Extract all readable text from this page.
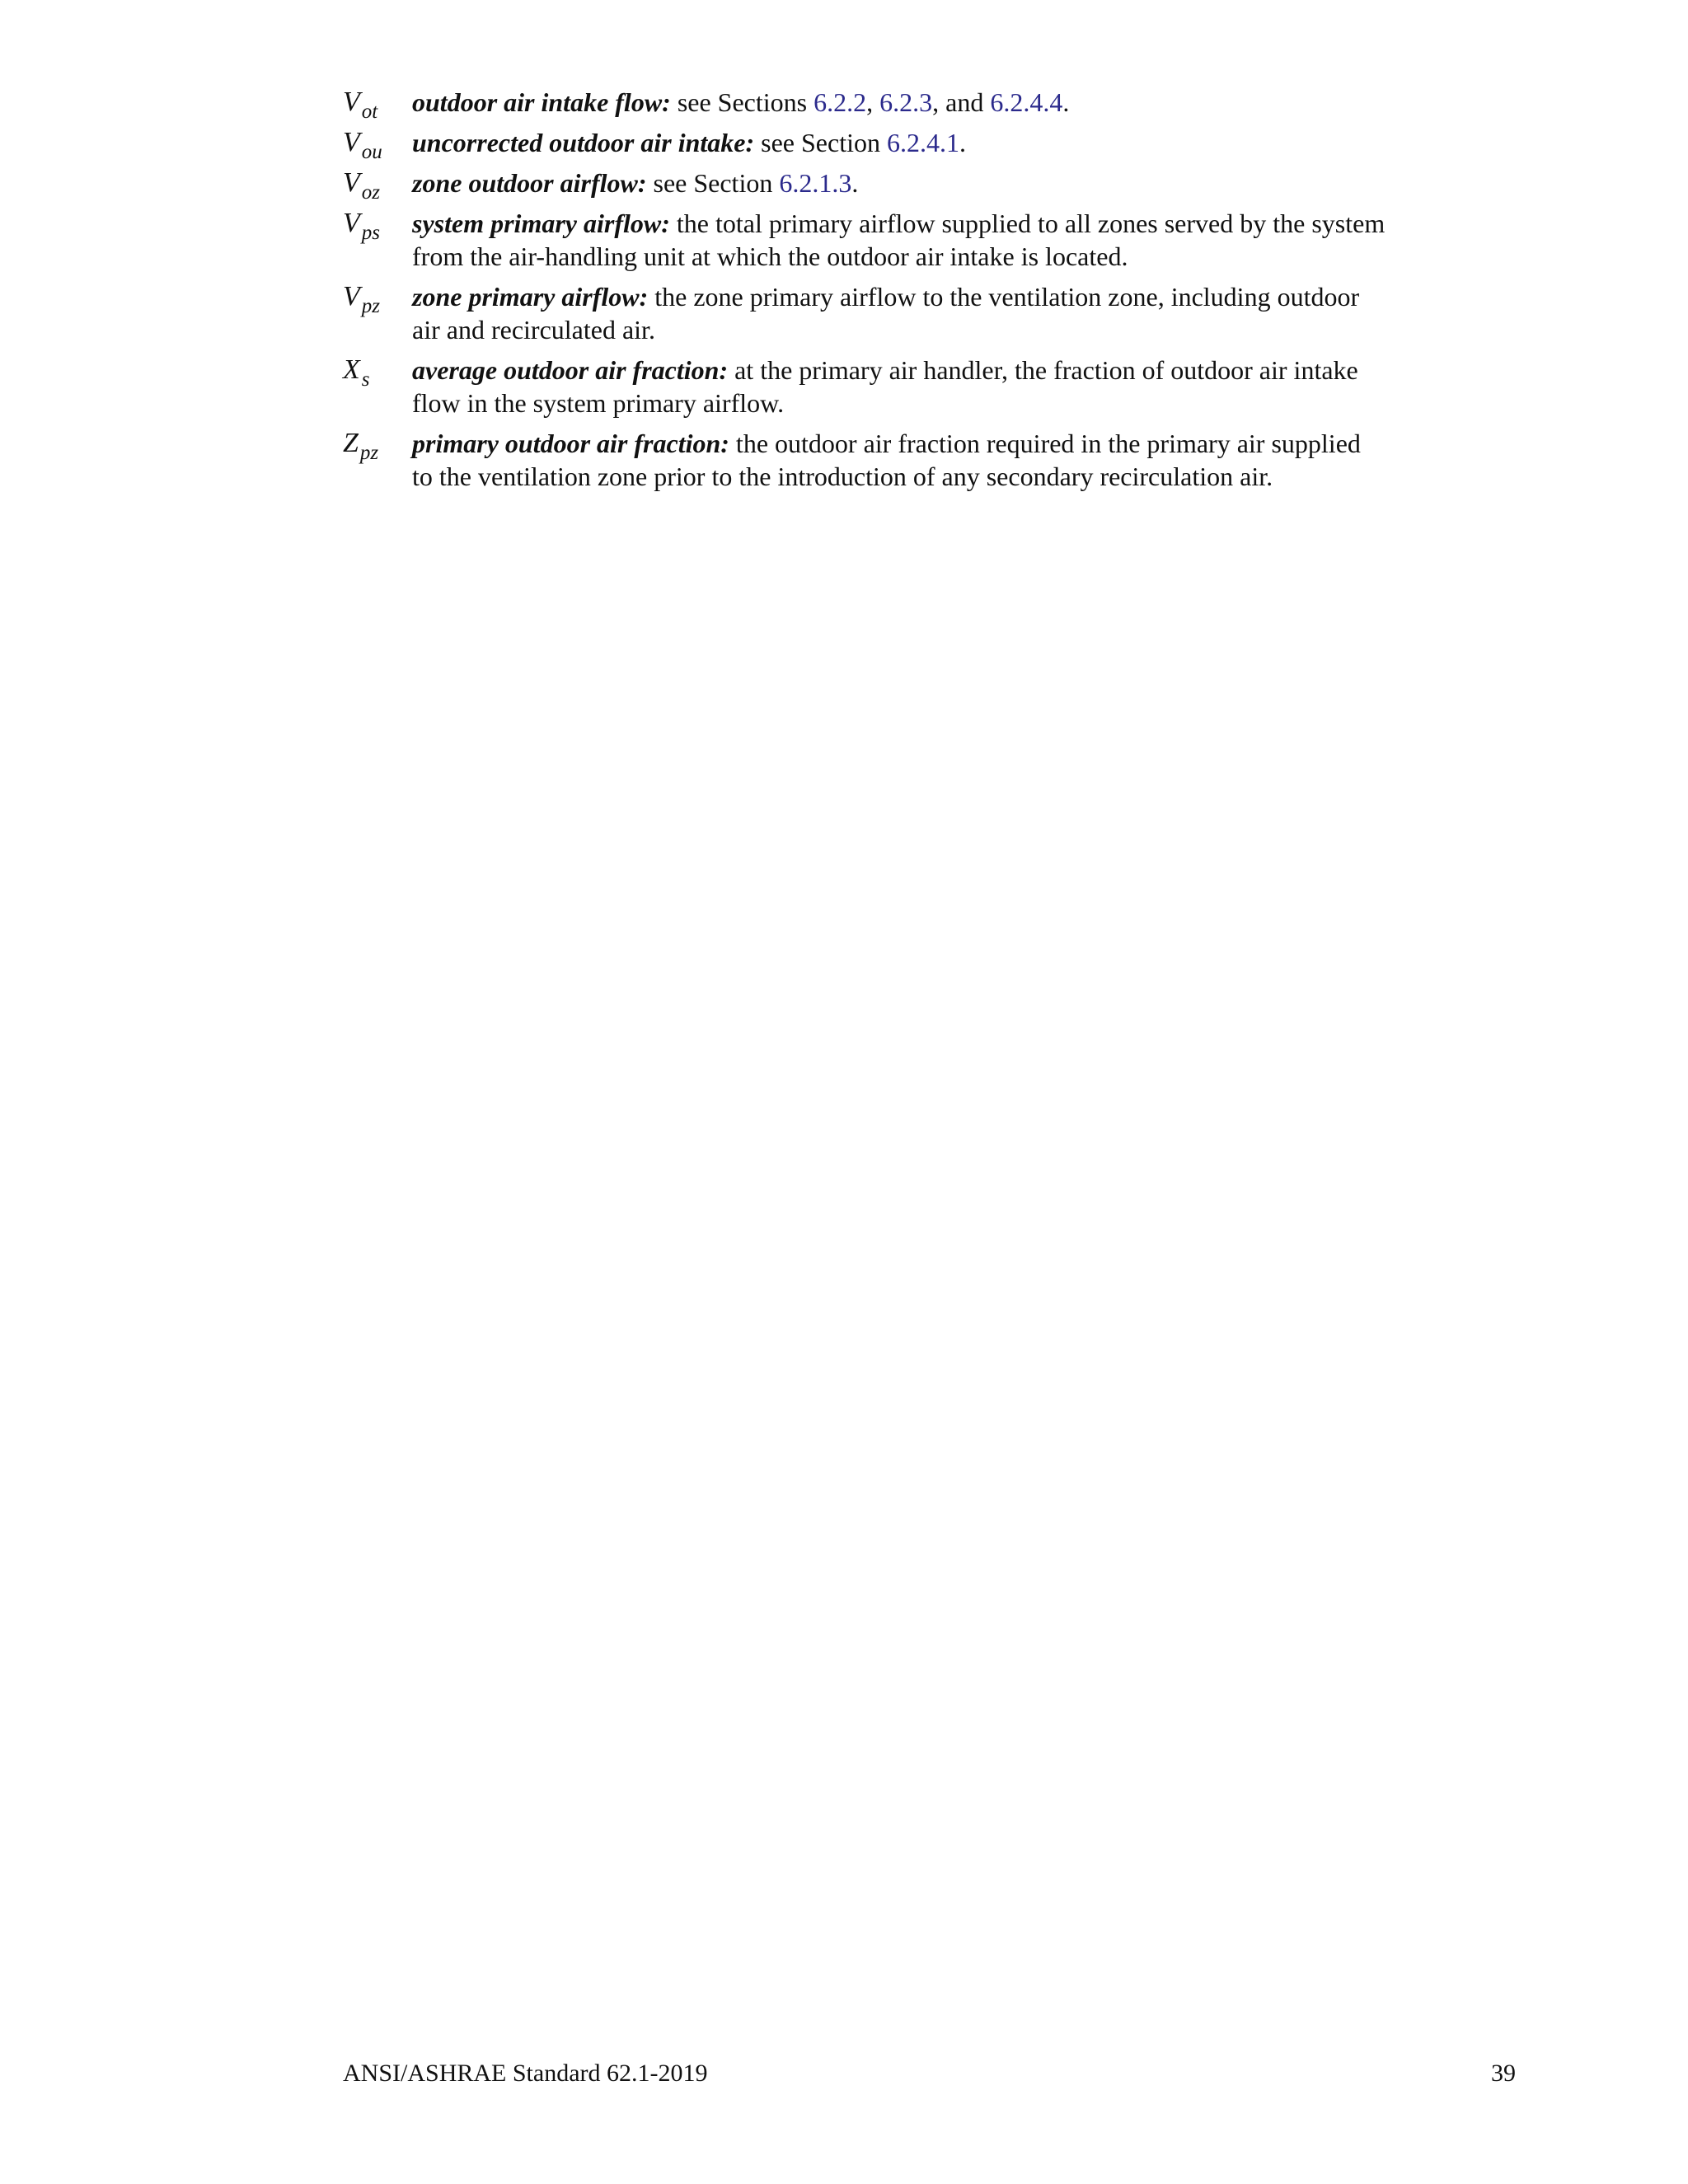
$V_{ot}$ outdoor air intake flow: see Sections 6.2.2, 6.2.3, and 6.2.4.4.
$V_{ou}$ uncorrected outdoor air intake: see Section 6.2.4.1.
$V_{oz}$ zone outdoor airflow: see Section 6.2.1.3.
$V_{ps}$ system primary airflow: the total primary airflow supplied to all zones served by the system from the air-handling unit at which the outdoor air intake is located.
$V_{pz}$ zone primary airflow: the zone primary airflow to the ventilation zone, including outdoor air and recirculated air.
$X_s$ average outdoor air fraction: at the primary air handler, the fraction of outdoor air intake flow in the system primary airflow.
$Z_{pz}$ primary outdoor air fraction: the outdoor air fraction required in the primary air supplied to the ventilation zone prior to the introduction of any secondary recirculation air.
ANSI/ASHRAE Standard 62.1-2019	39
